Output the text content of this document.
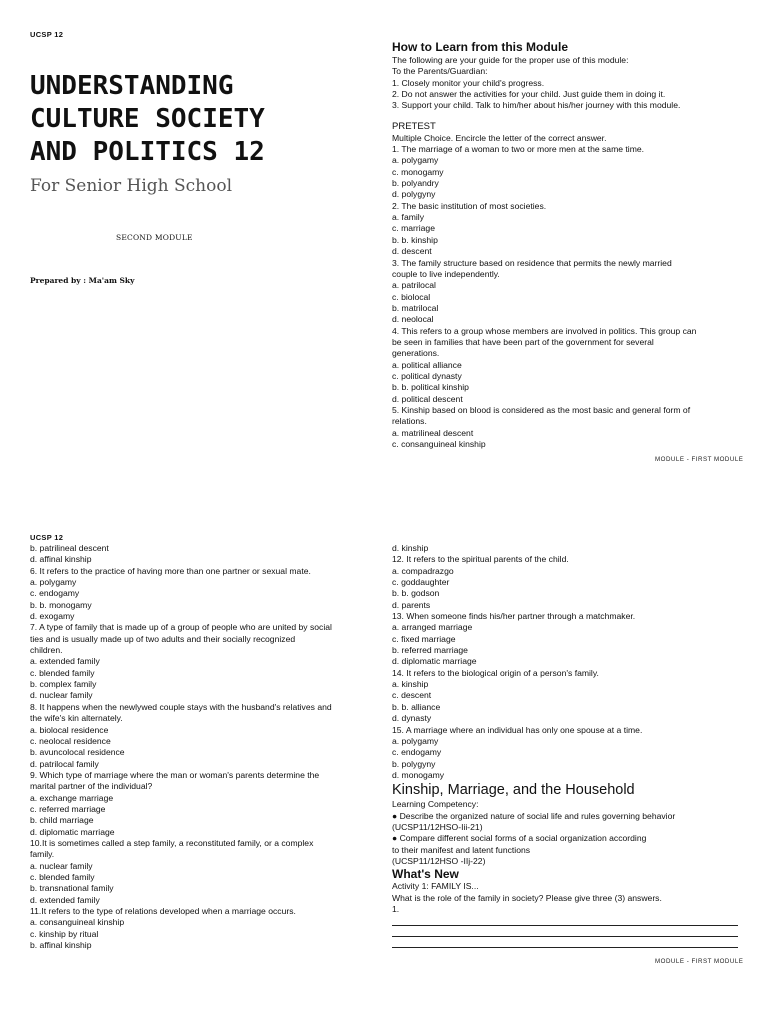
UCSP 12
UNDERSTANDING
CULTURE SOCIETY
AND POLITICS 12
For Senior High School
SECOND MODULE
Prepared by : Ma'am Sky
How to Learn from this Module
The following are your guide for the proper use of this module:
To the Parents/Guardian:
1. Closely monitor your child's progress.
2. Do not answer the activities for your child. Just guide them in doing it.
3. Support your child. Talk to him/her about his/her journey with this module.
PRETEST
Multiple Choice. Encircle the letter of the correct answer.
1. The marriage of a woman to two or more men at the same time.
a. polygamy
c. monogamy
b. polyandry
d. polygyny
2. The basic institution of most societies.
a. family
c. marriage
b. b. kinship
d. descent
3. The family structure based on residence that permits the newly married
couple to live independently.
a. patrilocal
c. biolocal
b. matrilocal
d. neolocal
4. This refers to a group whose members are involved in politics. This group can
be seen in families that have been part of the government for several
generations.
a. political alliance
c. political dynasty
b. b. political kinship
d. political descent
5. Kinship based on blood is considered as the most basic and general form of
relations.
a. matrilineal descent
c. consanguineal kinship
MODULE - FIRST MODULE
UCSP 12
b. patrilineal descent
d. affinal kinship
6. It refers to the practice of having more than one partner or sexual mate.
a. polygamy
c. endogamy
b. b. monogamy
d. exogamy
7. A type of family that is made up of a group of people who are united by social
ties and is usually made up of two adults and their socially recognized
children.
a. extended family
c. blended family
b. complex family
d. nuclear family
8. It happens when the newlywed couple stays with the husband's relatives and
the wife's kin alternately.
a. biolocal residence
c. neolocal residence
b. avuncolocal residence
d. patrilocal family
9. Which type of marriage where the man or woman's parents determine the
marital partner of the individual?
a. exchange marriage
c. referred marriage
b. child marriage
d. diplomatic marriage
10.It is sometimes called a step family, a reconstituted family, or a complex
family.
a. nuclear family
c. blended family
b. transnational family
d. extended family
11.It refers to the type of relations developed when a marriage occurs.
a. consanguineal kinship
c. kinship by ritual
b. affinal kinship
d. kinship
12. It refers to the spiritual parents of the child.
a. compadrazgo
c. goddaughter
b. b. godson
d. parents
13. When someone finds his/her partner through a matchmaker.
a. arranged marriage
c. fixed marriage
b. referred marriage
d. diplomatic marriage
14. It refers to the biological origin of a person's family.
a. kinship
c. descent
b. b. alliance
d. dynasty
15. A marriage where an individual has only one spouse at a time.
a. polygamy
c. endogamy
b. polygyny
d. monogamy
Kinship, Marriage, and the Household
Learning Competency:
● Describe the organized nature of social life and rules governing behavior
(UCSP11/12HSO-Iii-21)
● Compare different social forms of a social organization according
to their manifest and latent functions
(UCSP11/12HSO -IIj-22)
What's New
Activity 1: FAMILY IS...
What is the role of the family in society? Please give three (3) answers.
1.
MODULE - FIRST MODULE
